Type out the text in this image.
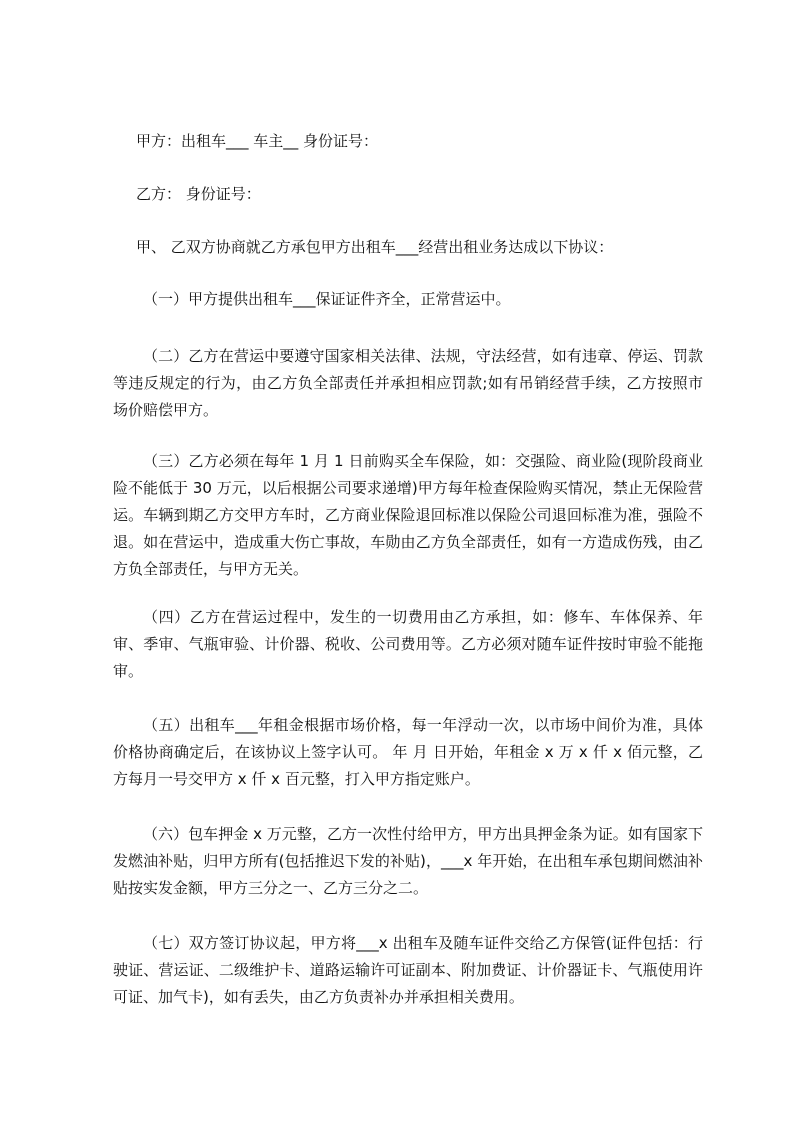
甲方：出租车___ 车主__ 身份证号：
乙方： 身份证号：
甲、 乙双方协商就乙方承包甲方出租车___经营出租业务达成以下协议：
（一）甲方提供出租车___保证证件齐全，正常营运中。
（二）乙方在营运中要遵守国家相关法律、法规，守法经营，如有违章、停运、罚款等违反规定的行为，由乙方负全部责任并承担相应罚款;如有吊销经营手续，乙方按照市场价赔偿甲方。
（三）乙方必须在每年 1 月 1 日前购买全车保险，如：交强险、商业险(现阶段商业险不能低于 30 万元，以后根据公司要求递增)甲方每年检查保险购买情况，禁止无保险营运。车辆到期乙方交甲方车时，乙方商业保险退回标准以保险公司退回标准为准，强险不退。如在营运中，造成重大伤亡事故，车勋由乙方负全部责任，如有一方造成伤残，由乙方负全部责任，与甲方无关。
（四）乙方在营运过程中，发生的一切费用由乙方承担，如：修车、车体保养、年审、季审、气瓶审验、计价器、税收、公司费用等。乙方必须对随车证件按时审验不能拖审。
（五）出租车___年租金根据市场价格，每一年浮动一次，以市场中间价为准，具体价格协商确定后，在该协议上签字认可。 年 月 日开始，年租金 x 万 x 仟 x 佰元整，乙方每月一号交甲方 x 仟 x 百元整，打入甲方指定账户。
（六）包车押金 x 万元整，乙方一次性付给甲方，甲方出具押金条为证。如有国家下发燃油补贴，归甲方所有(包括推迟下发的补贴)，___x 年开始，在出租车承包期间燃油补贴按实发金额，甲方三分之一、乙方三分之二。
（七）双方签订协议起，甲方将___x 出租车及随车证件交给乙方保管(证件包括：行驶证、营运证、二级维护卡、道路运输许可证副本、附加费证、计价器证卡、气瓶使用许可证、加气卡)，如有丢失，由乙方负责补办并承担相关费用。
